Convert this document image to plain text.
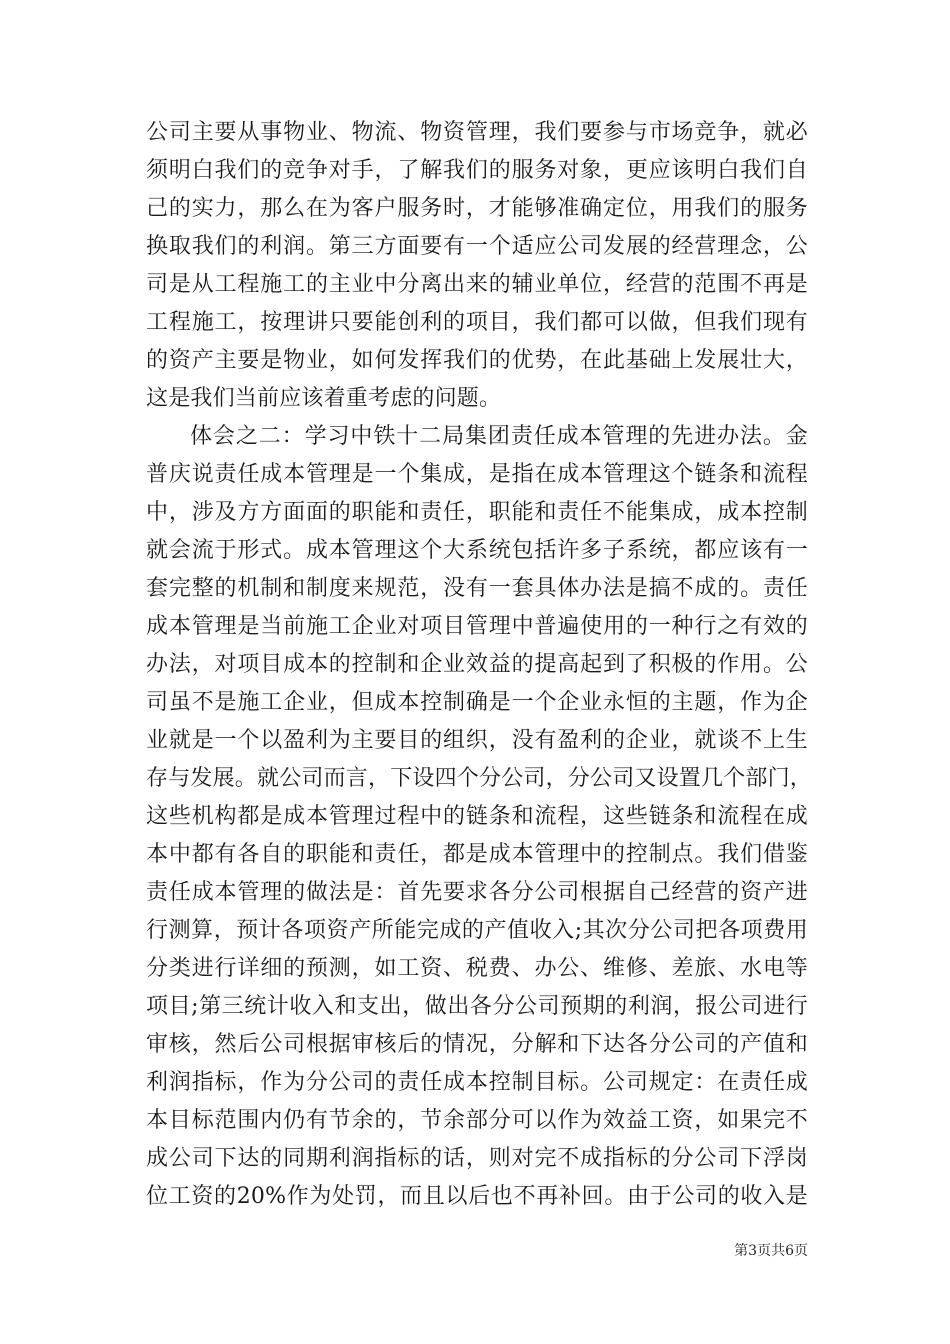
公司主要从事物业、物流、物资管理，我们要参与市场竞争，就必
须明白我们的竞争对手，了解我们的服务对象，更应该明白我们自
己的实力，那么在为客户服务时，才能够准确定位，用我们的服务
换取我们的利润。第三方面要有一个适应公司发展的经营理念，公
司是从工程施工的主业中分离出来的辅业单位，经营的范围不再是
工程施工，按理讲只要能创利的项目，我们都可以做，但我们现有
的资产主要是物业，如何发挥我们的优势，在此基础上发展壮大，
这是我们当前应该着重考虑的问题。
体会之二：学习中铁十二局集团责任成本管理的先进办法。金
普庆说责任成本管理是一个集成，是指在成本管理这个链条和流程
中，涉及方方面面的职能和责任，职能和责任不能集成，成本控制
就会流于形式。成本管理这个大系统包括许多子系统，都应该有一
套完整的机制和制度来规范，没有一套具体办法是搞不成的。责任
成本管理是当前施工企业对项目管理中普遍使用的一种行之有效的
办法，对项目成本的控制和企业效益的提高起到了积极的作用。公
司虽不是施工企业，但成本控制确是一个企业永恒的主题，作为企
业就是一个以盈利为主要目的组织，没有盈利的企业，就谈不上生
存与发展。就公司而言，下设四个分公司，分公司又设置几个部门，
这些机构都是成本管理过程中的链条和流程，这些链条和流程在成
本中都有各自的职能和责任，都是成本管理中的控制点。我们借鉴
责任成本管理的做法是：首先要求各分公司根据自己经营的资产进
行测算，预计各项资产所能完成的产值收入;其次分公司把各项费用
分类进行详细的预测，如工资、税费、办公、维修、差旅、水电等
项目;第三统计收入和支出，做出各分公司预期的利润，报公司进行
审核，然后公司根据审核后的情况，分解和下达各分公司的产值和
利润指标，作为分公司的责任成本控制目标。公司规定：在责任成
本目标范围内仍有节余的，节余部分可以作为效益工资，如果完不
成公司下达的同期利润指标的话，则对完不成指标的分公司下浮岗
位工资的20%作为处罚，而且以后也不再补回。由于公司的收入是
第3页共6页
